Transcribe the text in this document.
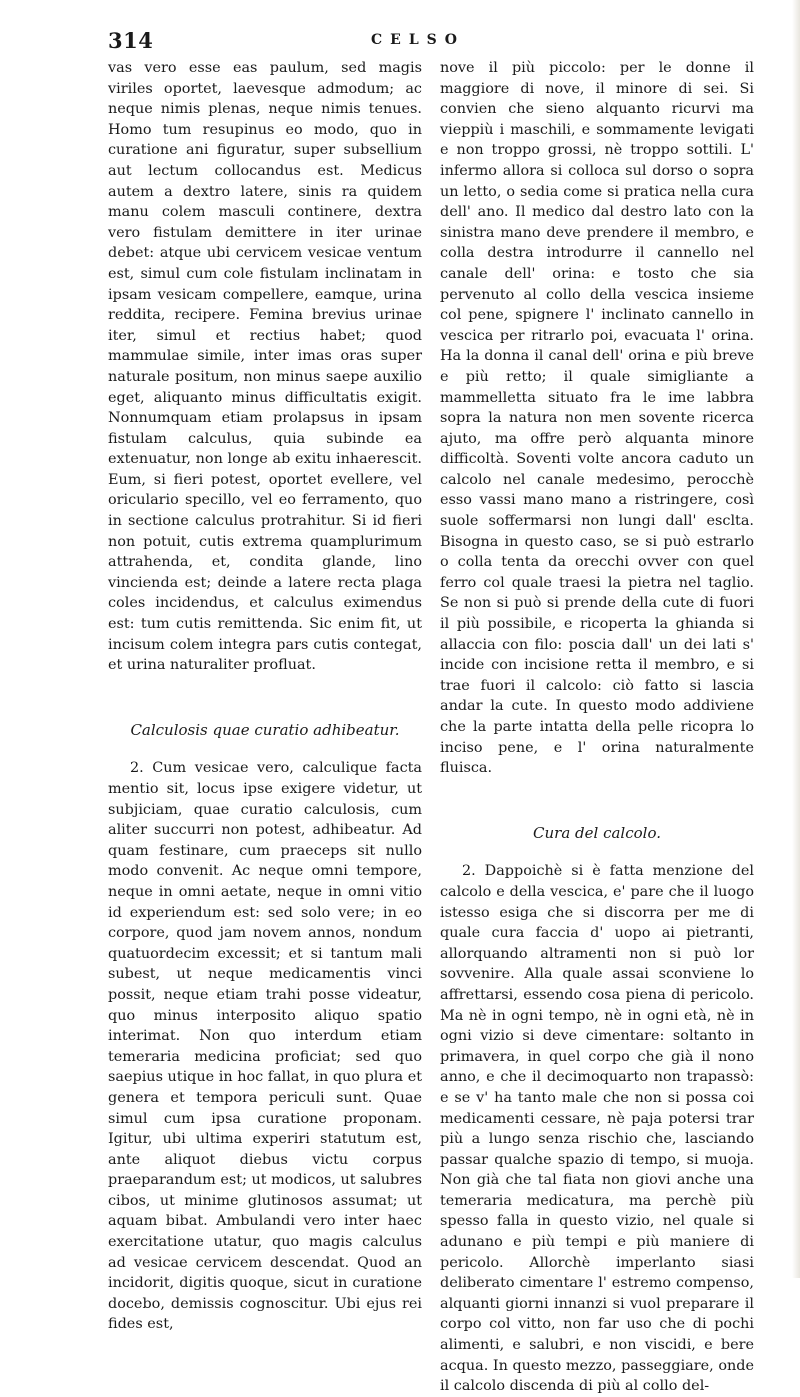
314	CELSO

vas vero esse eas paulum, sed magis viriles oportet, laevesque admodum; ac neque nimis plenas, neque nimis tenues. Homo tum resupinus eo modo, quo in curatione ani figuratur, super subsellium aut lectum collocandus est. Medicus autem a dextro latere, sinis ra quidem manu colem masculi continere, dextra vero fistulam demittere in iter urinae debet: atque ubi cervicem vesicae ventum est, simul cum cole fistulam inclinatam in ipsam vesicam compellere, eamque, urina reddita, recipere. Femina brevius urinae iter, simul et rectius habet; quod mammulae simile, inter imas oras super naturale positum, non minus saepe auxilio eget, aliquanto minus difficultatis exigit. Nonnumquam etiam prolapsus in ipsam fistulam calculus, quia subinde ea extenuatur, non longe ab exitu inhaerescit. Eum, si fieri potest, oportet evellere, vel oriculario specillo, vel eo ferramento, quo in sectione calculus protrahitur. Si id fieri non potuit, cutis extrema quamplurimum attrahenda, et, condita glande, lino vincienda est; deinde a latere recta plaga coles incidendus, et calculus eximendus est: tum cutis remittenda. Sic enim fit, ut incisum colem integra pars cutis contegat, et urina naturaliter profluat.

Calculosis quae curatio adhibeatur.

2. Cum vesicae vero, calculique facta mentio sit, locus ipse exigere videtur, ut subjiciam, quae curatio calculosis, cum aliter succurri non potest, adhibeatur. Ad quam festinare, cum praeceps sit nullo modo convenit. Ac neque omni tempore, neque in omni aetate, neque in omni vitio id experiendum est: sed solo vere; in eo corpore, quod jam novem annos, nondum quatuordecim excessit; et si tantum mali subest, ut neque medicamentis vinci possit, neque etiam trahi posse videatur, quo minus interposito aliquo spatio interimat. Non quo interdum etiam temeraria medicina proficiat; sed quo saepius utique in hoc fallat, in quo plura et genera et tempora periculi sunt. Quae simul cum ipsa curatione proponam. Igitur, ubi ultima experiri statutum est, ante aliquot diebus victu corpus praeparandum est; ut modicos, ut salubres cibos, ut minime glutinosos assumat; ut aquam bibat. Ambulandi vero inter haec exercitatione utatur, quo magis calculus ad vesicae cervicem descendat. Quod an incidorit, digitis quoque, sicut in curatione docebo, demissis cognoscitur. Ubi ejus rei fides est,

nove il più piccolo: per le donne il maggiore di nove, il minore di sei. Si convien che sieno alquanto ricurvi ma vieppiù i maschili, e sommamente levigati e non troppo grossi, nè troppo sottili. L' infermo allora si colloca sul dorso o sopra un letto, o sedia come si pratica nella cura dell' ano. Il medico dal destro lato con la sinistra mano deve prendere il membro, e colla destra introdurre il cannello nel canale dell' orina: e tosto che sia pervenuto al collo della vescica insieme col pene, spignere l' inclinato cannello in vescica per ritrarlo poi, evacuata l' orina. Ha la donna il canal dell' orina e più breve e più retto; il quale simigliante a mammelletta situato fra le ime labbra sopra la natura non men sovente ricerca ajuto, ma offre però alquanta minore difficoltà. Soventi volte ancora caduto un calcolo nel canale medesimo, perocchè esso vassi mano mano a ristringere, così suole soffermarsi non lungi dall' esclta. Bisogna in questo caso, se si può estrarlo o colla tenta da orecchi ovver con quel ferro col quale traesi la pietra nel taglio. Se non si può si prende della cute di fuori il più possibile, e ricoperta la ghianda si allaccia con filo: poscia dall' un dei lati s' incide con incisione retta il membro, e si trae fuori il calcolo: ciò fatto si lascia andar la cute. In questo modo addiviene che la parte intatta della pelle ricopra lo inciso pene, e l' orina naturalmente fluisca.

Cura del calcolo.

2. Dappoichè si è fatta menzione del calcolo e della vescica, e' pare che il luogo istesso esiga che si discorra per me di quale cura faccia d' uopo ai pietranti, allorquando altramenti non si può lor sovvenire. Alla quale assai sconviene lo affrettarsi, essendo cosa piena di pericolo. Ma nè in ogni tempo, nè in ogni età, nè in ogni vizio si deve cimentare: soltanto in primavera, in quel corpo che già il nono anno, e che il decimoquarto non trapassò: e se v' ha tanto male che non si possa coi medicamenti cessare, nè paja potersi trar più a lungo senza rischio che, lasciando passar qualche spazio di tempo, si muoja. Non già che tal fiata non giovi anche una temeraria medicatura, ma perchè più spesso falla in questo vizio, nel quale si adunano e più tempi e più maniere di pericolo. Allorchè imperlanto siasi deliberato cimentare l' estremo compenso, alquanti giorni innanzi si vuol preparare il corpo col vitto, non far uso che di pochi alimenti, e salubri, e non viscidi, e bere acqua. In questo mezzo, passeggiare, onde il calcolo discenda di più al collo del-
